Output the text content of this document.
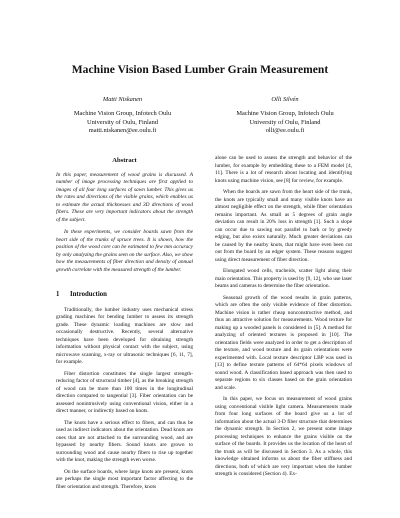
Machine Vision Based Lumber Grain Measurement
Matti Niskanen
Machine Vision Group, Infotech Oulu
University of Oulu, Finland
matti.niskanen@ee.oulu.fi
Olli Silvén
Machine Vision Group, Infotech Oulu
University of Oulu, Finland
olli@ee.oulu.fi
Abstract

In this paper, measurement of wood grains is discussed. A number of image processing techniques are first applied to images of all four long surfaces of sawn lumber. This gives us the rates and directions of the visible grains, which enables us to estimate the actual thicknesses and 3D directions of wood fibers. These are very important indicators about the strength of the subject.

In these experiments, we consider boards sawn from the heart side of the trunks of spruce trees. It is shown, how the position of the wood core can be estimated to few mm accuracy by only analyzing the grains seen on the surface. Also, we show how the measurements of fiber direction and density of annual growth correlate with the measured strength of the lumber.

1 Introduction

Traditionally, the lumber industry uses mechanical stress grading machines for bending lumber to assess its strength grade. These dynamic loading machines are slow and occasionally destructive. Recently, several alternative techniques have been developed for obtaining strength information without physical contact with the subject, using microwave scanning, x-ray or ultrasonic techniques [6, 11, 7], for example.

Fiber distortion constitutes the single largest strength-reducing factor of structural timber [4], as the breaking strength of wood can be more than 100 times in the longitudinal direction compared to tangential [3]. Fiber orientation can be assessed nonintrusively using conventional vision, either in a direct manner, or indirectly based on knots.

The knots have a serious effect to fibers, and can thus be used as indirect indicators about the orientation. Dead knots are ones that are not attached to the surrounding wood, and are bypassed by nearby fibers. Sound knots are grown to surrounding wood and cause nearby fibers to rise up together with the knot, making the strength even worse.

On the surface boards, where large knots are present, knots are perhaps the single most important factor affecting to the fiber orientation and strength. Therefore, knots

alone can be used to assess the strength and behavior of the lumber, for example by embedding these to a FEM model [4, 11]. There is a lot of research about locating and identifying knots using machine vision, see [8] for review, for example.

When the boards are sawn from the heart side of the trunk, the knots are typically small and many visible knots have an almost negligible effect on the strength, while fiber orientation remains important. As small as 5 degrees of grain angle deviation can result in 20% loss in strength [1]. Such a slope can occur due to sawing not parallel to bark or by greedy edging, but also exists naturally. Much greater deviations can be caused by the nearby knots, that might have even been cut out from the board by an edger system. These reasons suggest using direct measurement of fiber direction.

Elongated wood cells, tracheids, scatter light along their main orientation. This property is used by [9, 12], who use laser beams and cameras to determine the fiber orientation.

Seasonal growth of the wood results in grain patterns, which are often the only visible evidence of fiber distortion. Machine vision is rather cheap nonconstructive method, and thus an attractive solution for measurements. Wood texture for making up a wooded panels is considered in [5]. A method for analyzing of oriented textures is proposed in [10]. The orientation fields were analyzed in order to get a description of the texture, and wood texture and its grain orientations were experimented with. Local texture descriptor LBP was used in [13] to define texture patterns of 64*64 pixels windows of sound wood. A classification based approach was then used to separate regions to six classes based on the grain orientation and scale.

In this paper, we focus on measurement of wood grains using conventional visible light camera. Measurements made from four long surfaces of the board give us a lot of information about the actual 3-D fiber structure that determines the dynamic strength. In Section 2, we present some image processing techniques to enhance the grains visible on the surface of the boards. It provides us the location of the heart of the trunk as will be discussed in Section 3. As a whole, this knowledge obtained informs us about the fiber stiffness and directions, both of which are very important when the lumber strength is considered (Section 4). Ex-
